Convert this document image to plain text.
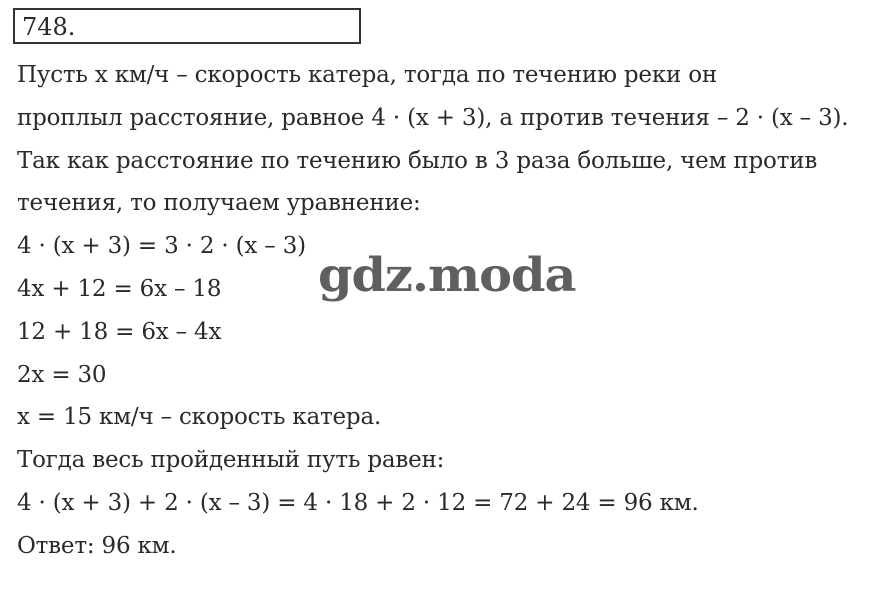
748.
Пусть x км/ч – скорость катера, тогда по течению реки он
проплыл расстояние, равное 4 · (x + 3), а против течения – 2 · (x – 3).
Так как расстояние по течению было в 3 раза больше, чем против
течения, то получаем уравнение:
4 · (x + 3) = 3 · 2 · (x – 3)
4x + 12 = 6x – 18
12 + 18 = 6x – 4x
2x = 30
x = 15 км/ч – скорость катера.
Тогда весь пройденный путь равен:
4 · (x + 3) + 2 · (x – 3) = 4 · 18 + 2 · 12 = 72 + 24 = 96 км.
Ответ: 96 км.
gdz.moda
